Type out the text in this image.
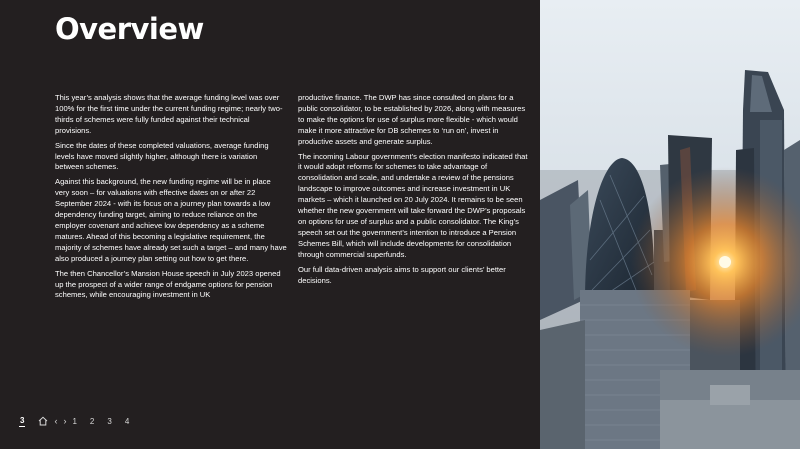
Overview

This year’s analysis shows that the average funding level was over 100% for the first time under the current funding regime; nearly two-thirds of schemes were fully funded against their technical provisions.

Since the dates of these completed valuations, average funding levels have moved slightly higher, although there is variation between schemes.

Against this background, the new funding regime will be in place very soon – for valuations with effective dates on or after 22 September 2024 - with its focus on a journey plan towards a low dependency funding target, aiming to reduce reliance on the employer covenant and achieve low dependency as a scheme matures. Ahead of this becoming a legislative requirement, the majority of schemes have already set such a target – and many have also produced a journey plan setting out how to get there.

The then Chancellor’s Mansion House speech in July 2023 opened up the prospect of a wider range of endgame options for pension schemes, while encouraging investment in UK

productive finance. The DWP has since consulted on plans for a public consolidator, to be established by 2026, along with measures to make the options for use of surplus more flexible - which would make it more attractive for DB schemes to ‘run on’, invest in productive assets and generate surplus.

The incoming Labour government’s election manifesto indicated that it would adopt reforms for schemes to take advantage of consolidation and scale, and undertake a review of the pensions landscape to improve outcomes and increase investment in UK markets – which it launched on 20 July 2024. It remains to be seen whether the new government will take forward the DWP’s proposals on options for use of surplus and a public consolidator. The King’s speech set out the government’s intention to introduce a Pension Schemes Bill, which will include developments for consolidation through commercial superfunds.

Our full data-driven analysis aims to support our clients’ better decisions.

3	‹ › 1 2 3 4
